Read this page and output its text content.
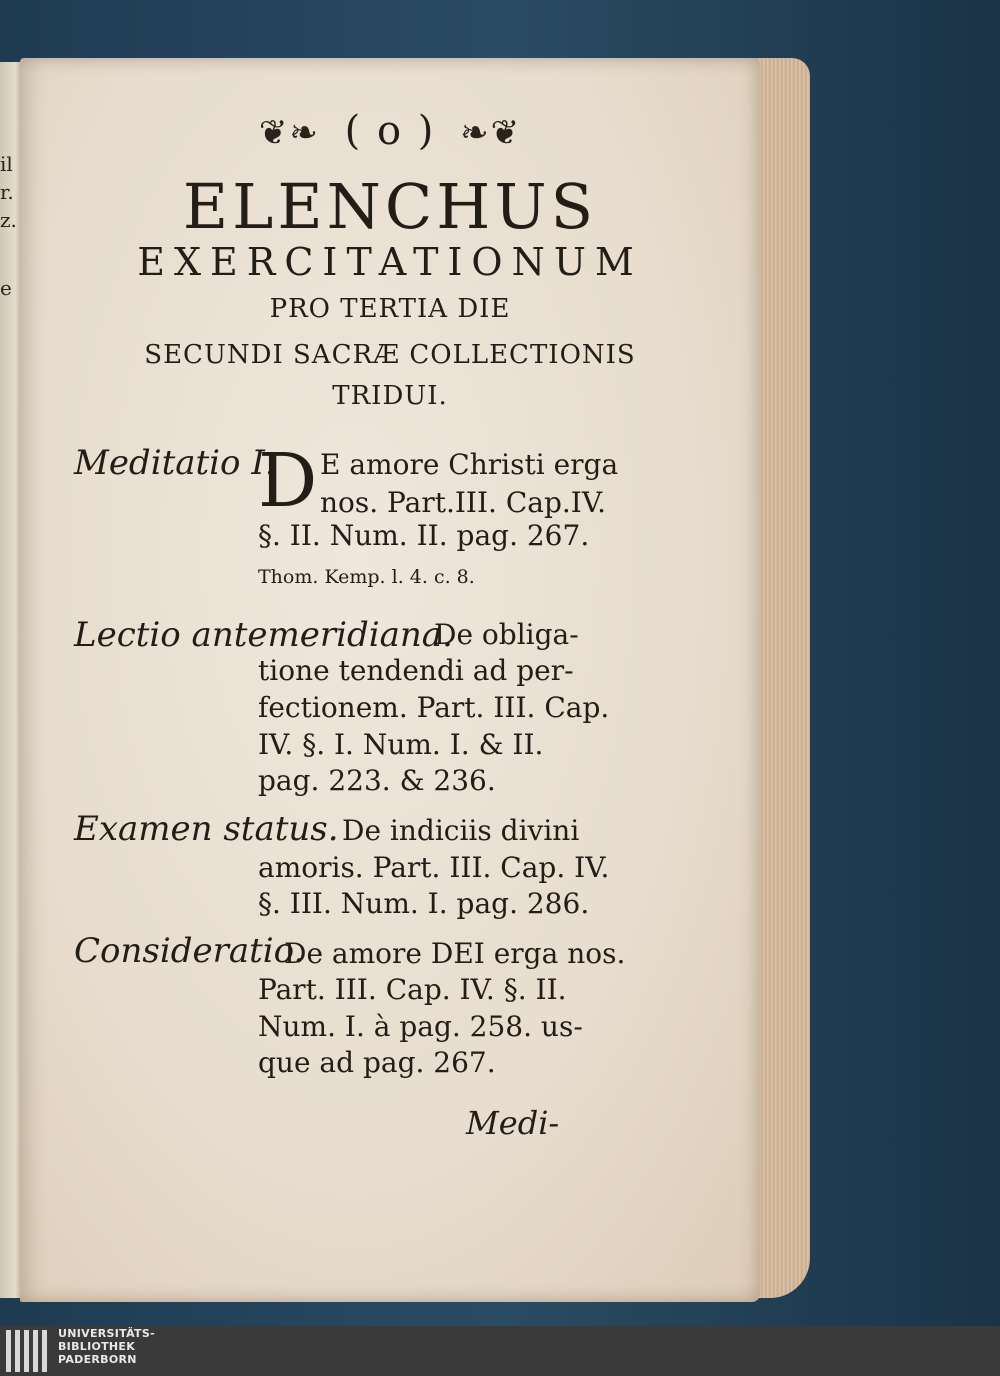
il
r.
z.
e
❦❧ ( o ) ❧❦
ELENCHUS
EXERCITATIONUM
PRO TERTIA DIE
SECUNDI SACRÆ COLLECTIONIS
TRIDUI.
Meditatio I.
D E amore Christi erga
nos. Part.III. Cap.IV.
§. II. Num. II. pag. 267.
Thom. Kemp. l. 4. c. 8.
Lectio antemeridiana.
De obliga-
tione tendendi ad per-
fectionem. Part. III. Cap.
IV. §. I. Num. I. & II.
pag. 223. & 236.
Examen status. De indiciis divini
amoris. Part. III. Cap. IV.
§. III. Num. I. pag. 286.
Consideratio.
De amore DEI erga nos.
Part. III. Cap. IV. §. II.
Num. I. à pag. 258. us-
que ad pag. 267.
Medi-
UNIVERSITÄTS-
BIBLIOTHEK
PADERBORN
